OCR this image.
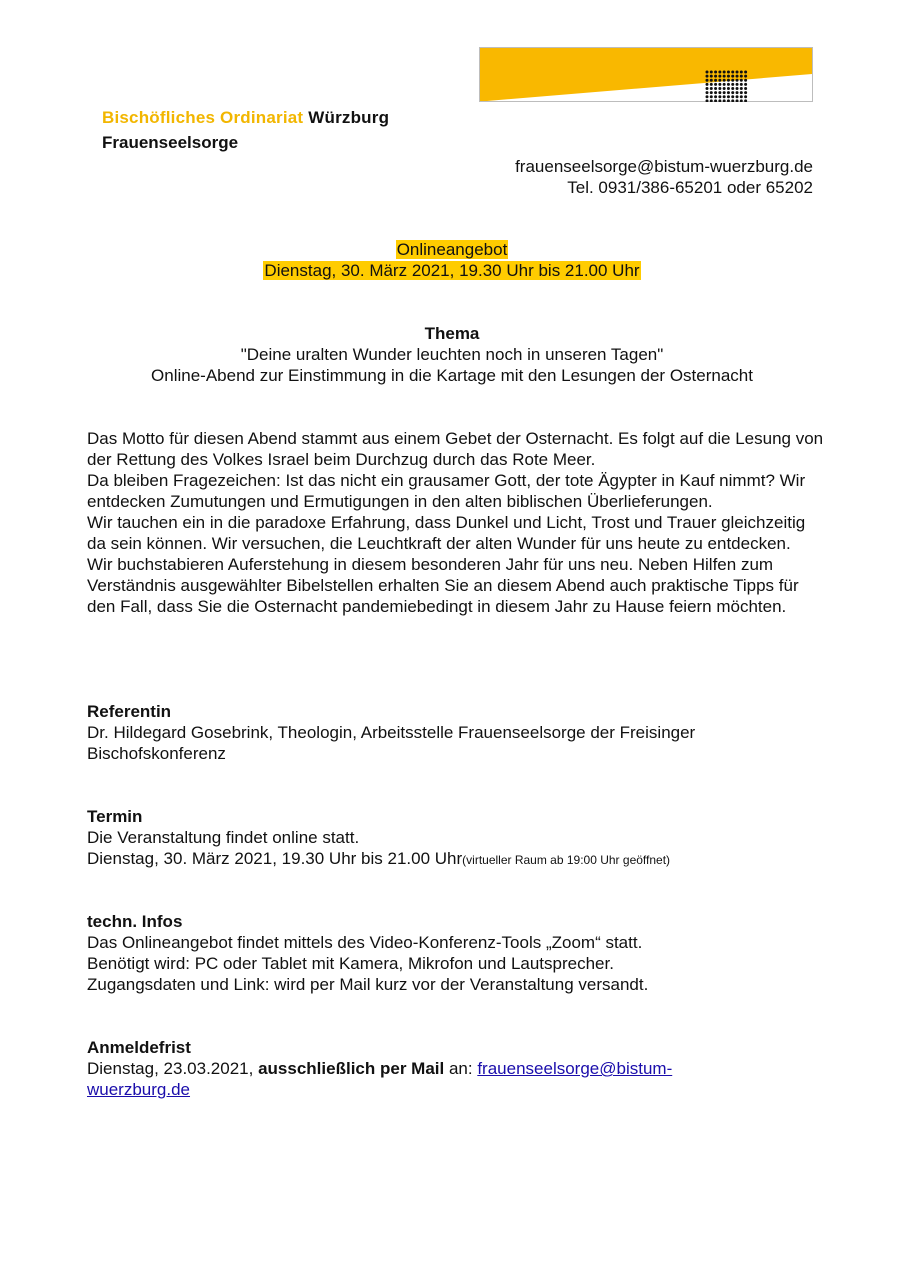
Bischöfliches Ordinariat Würzburg
Frauenseelsorge
frauenseelsorge@bistum-wuerzburg.de
Tel. 0931/386-65201 oder 65202
Onlineangebot
Dienstag, 30. März 2021, 19.30 Uhr bis 21.00 Uhr
Thema
"Deine uralten Wunder leuchten noch in unseren Tagen"
Online-Abend zur Einstimmung in die Kartage mit den Lesungen der Osternacht

Das Motto für diesen Abend stammt aus einem Gebet der Osternacht. Es folgt auf die Lesung von der Rettung des Volkes Israel beim Durchzug durch das Rote Meer.

Da bleiben Fragezeichen: Ist das nicht ein grausamer Gott, der tote Ägypter in Kauf nimmt? Wir entdecken Zumutungen und Ermutigungen in den alten biblischen Überlieferungen.

Wir tauchen ein in die paradoxe Erfahrung, dass Dunkel und Licht, Trost und Trauer gleichzeitig da sein können. Wir versuchen, die Leuchtkraft der alten Wunder für uns heute zu entdecken.

Wir buchstabieren Auferstehung in diesem besonderen Jahr für uns neu. Neben Hilfen zum Verständnis ausgewählter Bibelstellen erhalten Sie an diesem Abend auch praktische Tipps für den Fall, dass Sie die Osternacht pandemiebedingt in diesem Jahr zu Hause feiern möchten.

Referentin

Dr. Hildegard Gosebrink, Theologin, Arbeitsstelle Frauenseelsorge der Freisinger Bischofskonferenz

Termin

Die Veranstaltung findet online statt.

Dienstag, 30. März 2021, 19.30 Uhr bis 21.00 Uhr(virtueller Raum ab 19:00 Uhr geöffnet)

techn. Infos

Das Onlineangebot findet mittels des Video-Konferenz-Tools „Zoom“ statt.

Benötigt wird: PC oder Tablet mit Kamera, Mikrofon und Lautsprecher.

Zugangsdaten und Link: wird per Mail kurz vor der Veranstaltung versandt.

Anmeldefrist

Dienstag, 23.03.2021, ausschließlich per Mail an: frauenseelsorge@bistum-wuerzburg.de
